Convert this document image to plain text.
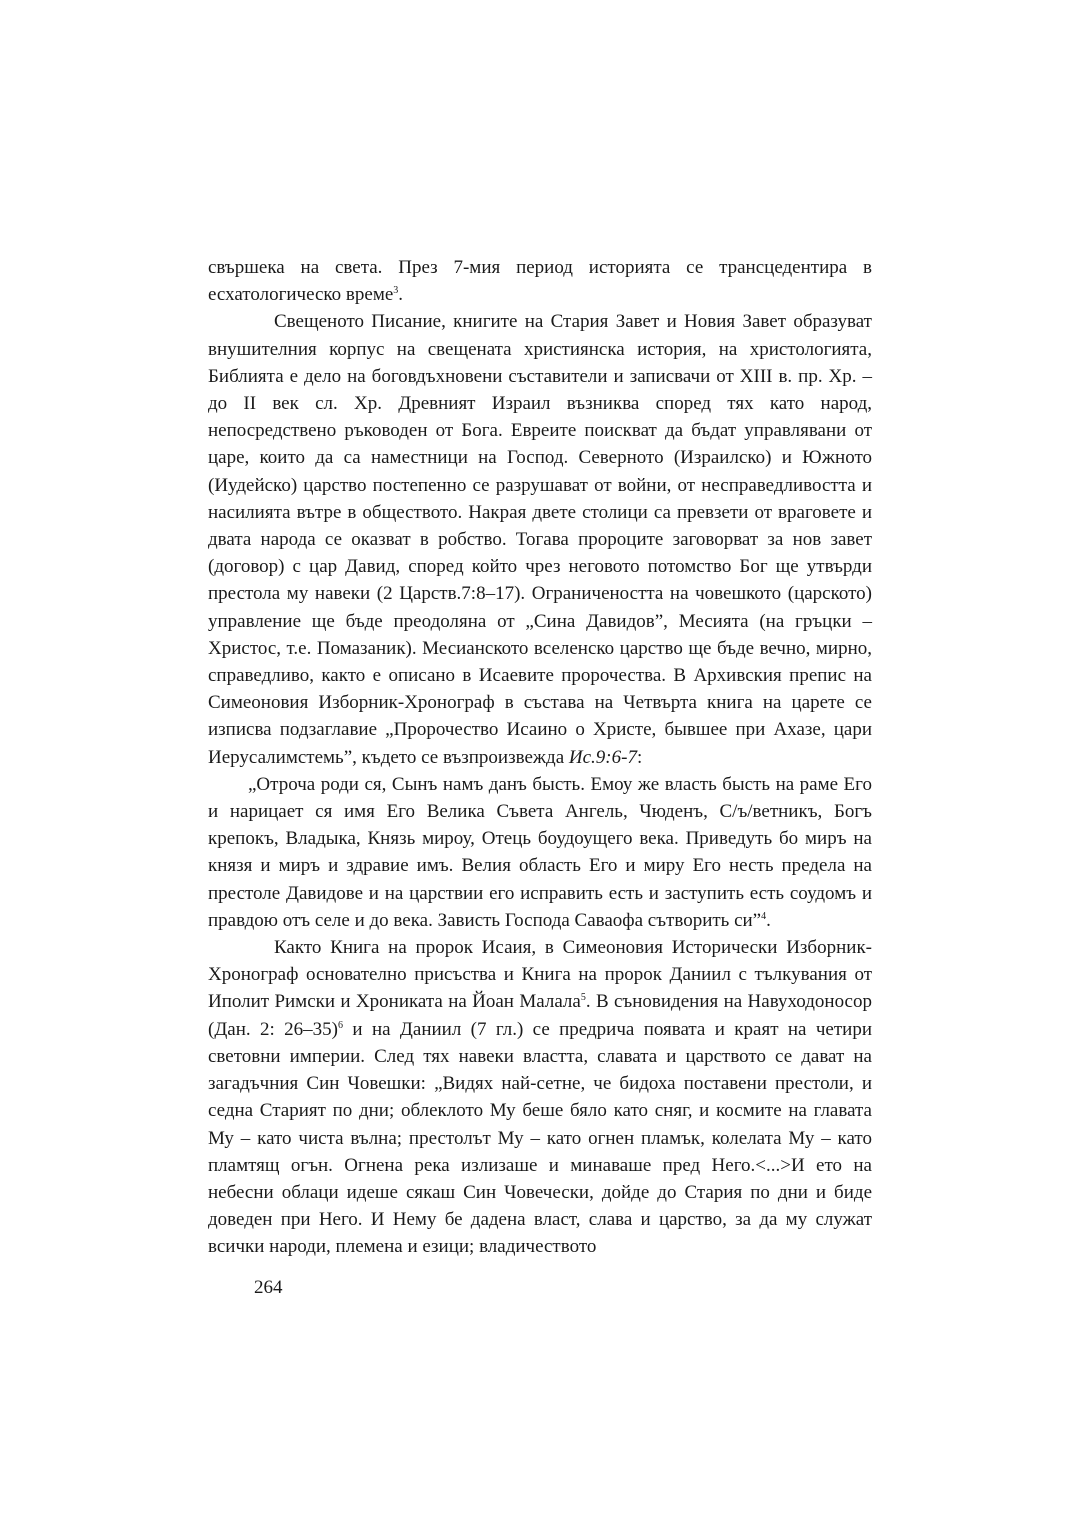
свършека на света. През 7-мия период историята се трансцедентира в есхатологическо време$^3$.

Свещеното Писание, книгите на Стария Завет и Новия Завет образуват внушителния корпус на свещената християнска история, на христологията, Библията е дело на боговдъхновени съставители и записвачи от XIII в. пр. Хр. – до II век сл. Хр. Древният Израил възниква според тях като народ, непосредствено ръководен от Бога. Евреите поискват да бъдат управлявани от царе, които да са наместници на Господ. Северното (Израилско) и Южното (Иудейско) царство постепенно се разрушават от войни, от несправедливостта и насилията вътре в обществото. Накрая двете столици са превзети от враговете и двата народа се оказват в робство. Тогава пророците заговорват за нов завет (договор) с цар Давид, според който чрез неговото потомство Бог ще утвърди престола му навеки (2 Царств.7:8–17). Ограничеността на човешкото (царското) управление ще бъде преодоляна от „Сина Давидов”, Месията (на гръцки – Христос, т.е. Помазаник). Месианското вселенско царство ще бъде вечно, мирно, справедливо, както е описано в Исаевите пророчества. В Архивския препис на Симеоновия Изборник-Хронограф в състава на Четвърта книга на царете се изписва подзаглавие „Пророчество Исаино о Христе, бывшее при Ахазе, цари Иерусалимстемь”, където се възпроизвежда Ис.9:6-7:

„Отроча роди ся, Сынъ намъ данъ бысть. Емоу же власть бысть на раме Его и нарицает ся имя Его Велика Съвета Ангель, Чюденъ, С/ъ/ветникъ, Богъ крепокъ, Владыка, Князь мироу, Отець боудоущего века. Приведуть бо миръ на князя и миръ и здравие имъ. Велия область Его и миру Его несть предела на престоле Давидове и на царствии его исправить есть и заступить есть соудомъ и правдою отъ селе и до века. Зависть Господа Саваофа сътворить си”$^4$.

Както Книга на пророк Исаия, в Симеоновия Исторически Изборник-Хронограф основателно присъства и Книга на пророк Даниил с тълкувания от Иполит Римски и Хрониката на Йоан Малала$^5$. В съновидения на Навуходоносор (Дан. 2: 26–35)$^6$ и на Даниил (7 гл.) се предрича появата и краят на четири световни империи. След тях навеки властта, славата и царството се дават на загадъчния Син Човешки: „Видях най-сетне, че бидоха поставени престоли, и седна Старият по дни; облеклото Му беше бяло като сняг, и космите на главата Му – като чиста вълна; престолът Му – като огнен пламък, колелата Му – като пламтящ огън. Огнена река излизаше и минаваше пред Него.<...>И ето на небесни облаци идеше сякаш Син Човечески, дойде до Стария по дни и биде доведен при Него. И Нему бе дадена власт, слава и царство, за да му служат всички народи, племена и езици; владичеството

264
